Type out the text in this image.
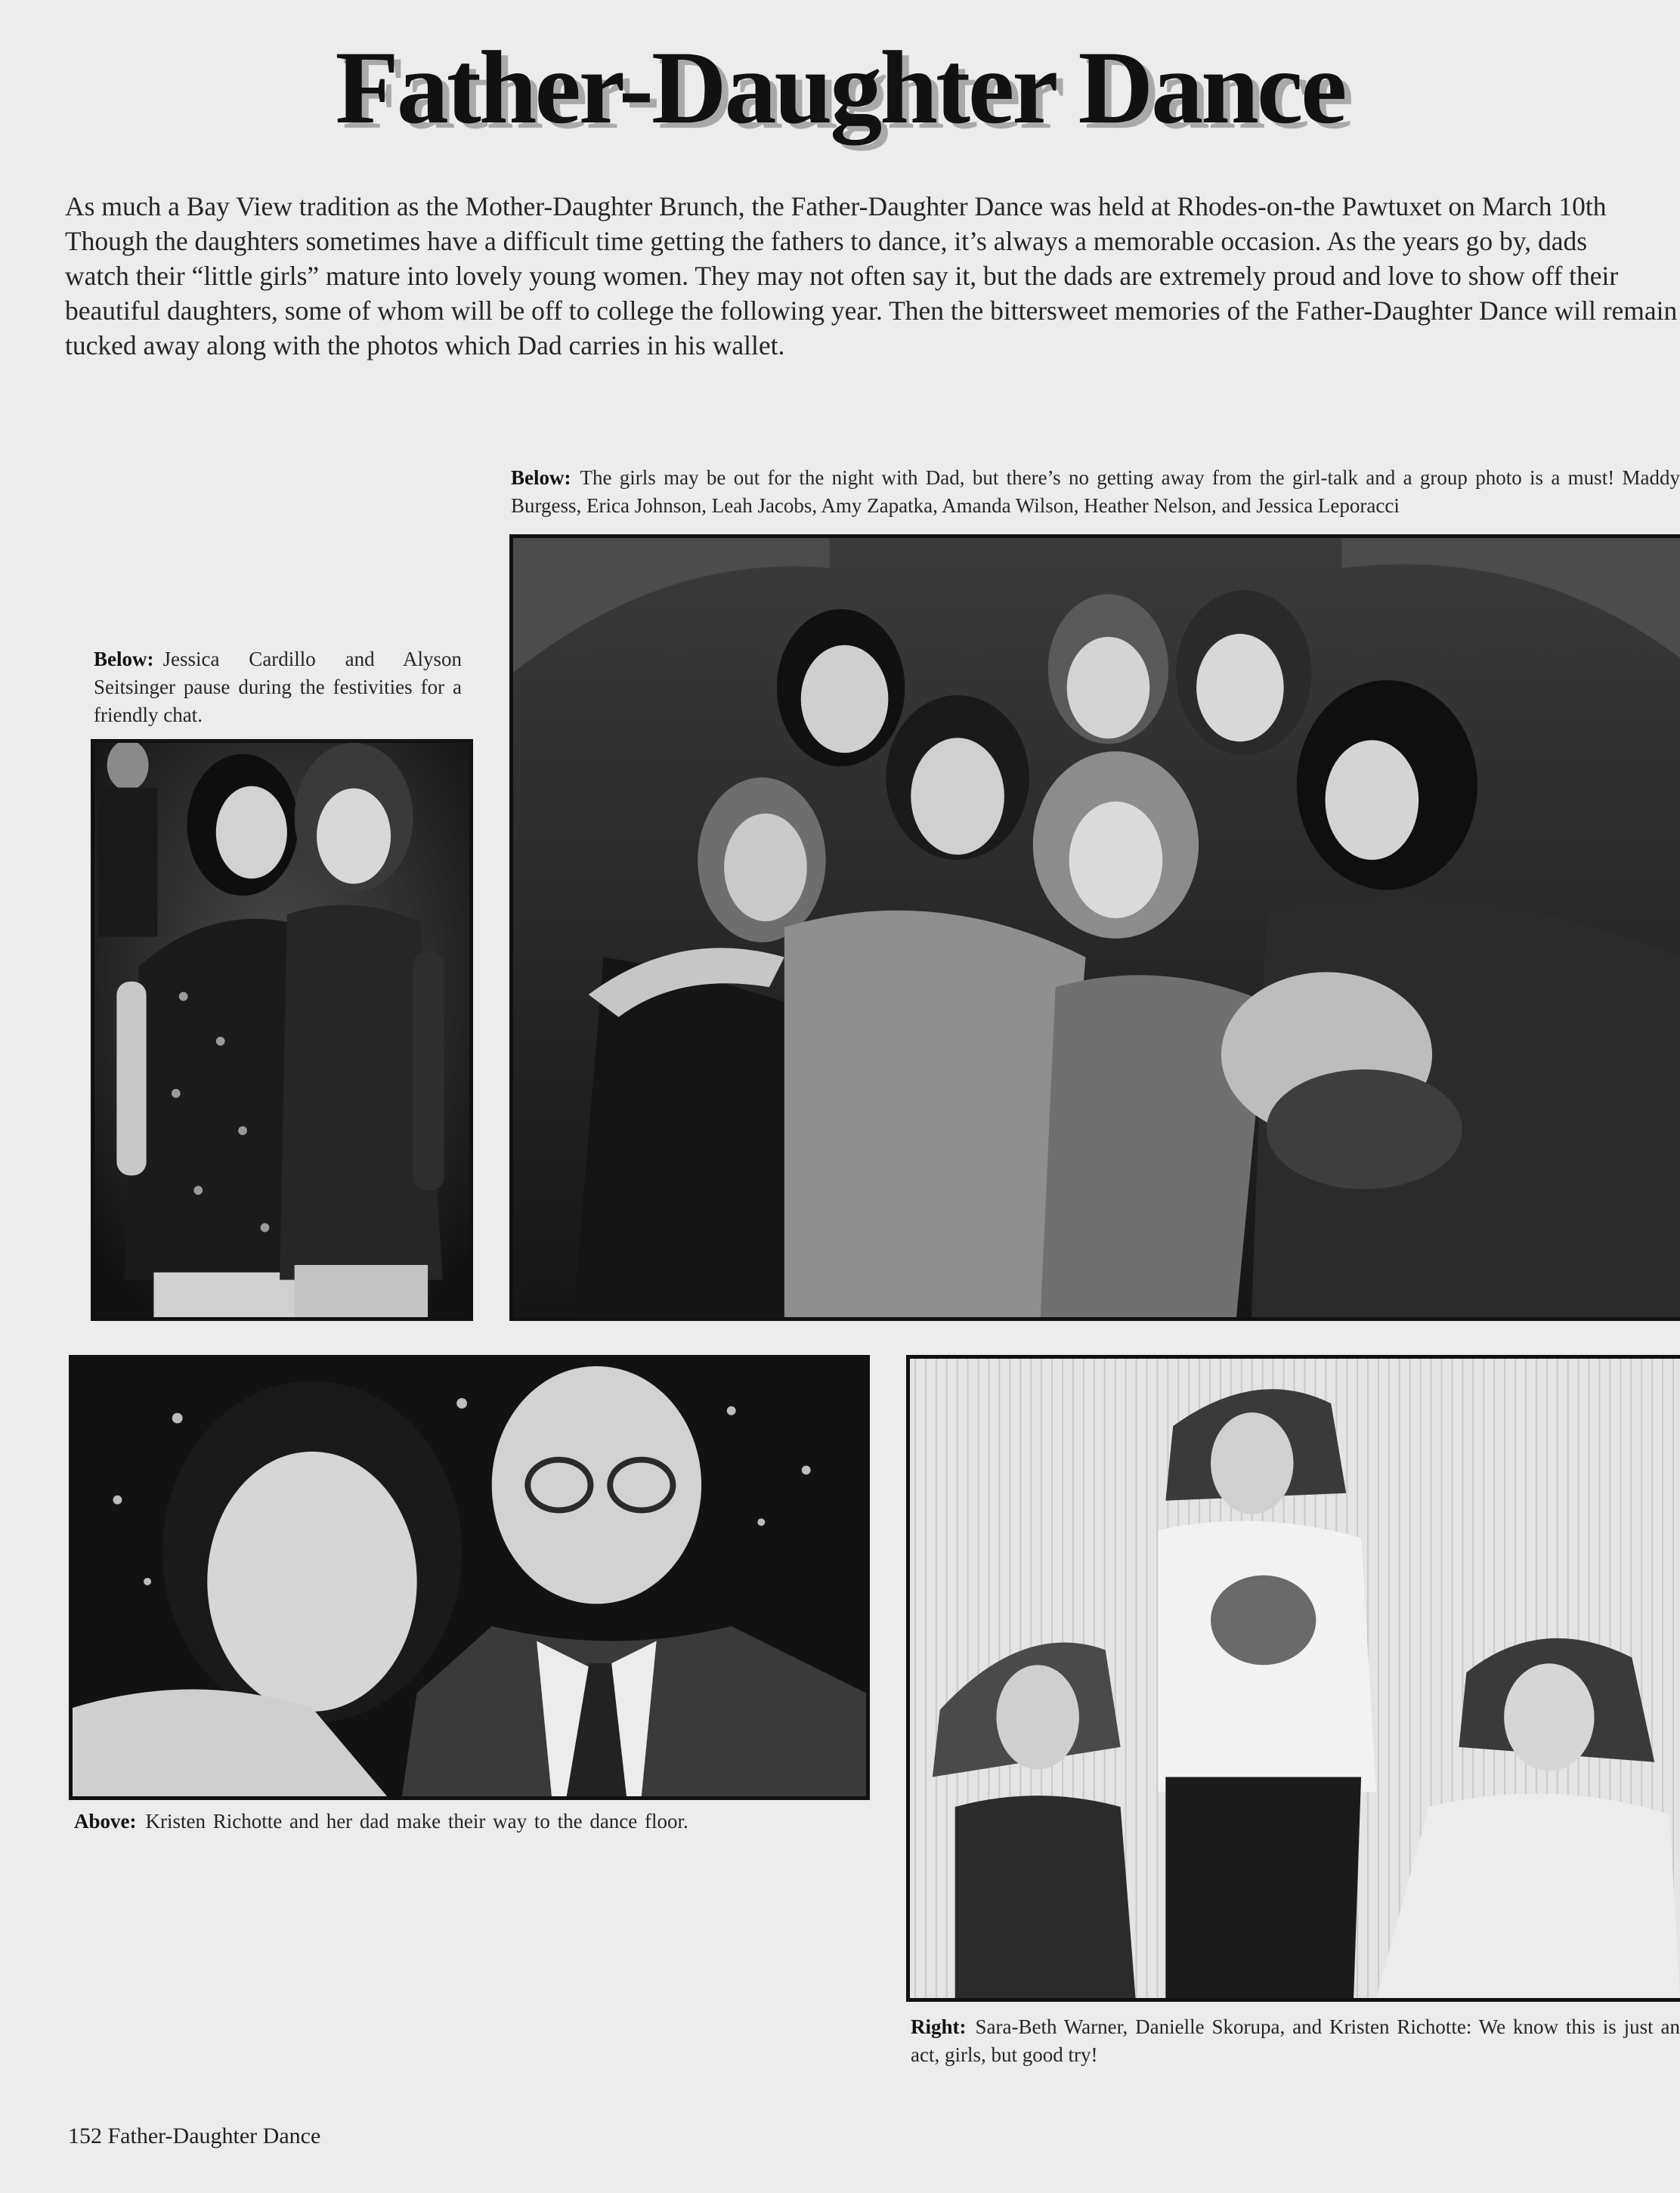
Father-Daughter Dance
As much a Bay View tradition as the Mother-Daughter Brunch, the Father-Daughter Dance was held at Rhodes-on-the Pawtuxet on March 10th
Though the daughters sometimes have a difficult time getting the fathers to dance, it’s always a memorable occasion. As the years go by, dads
watch their “little girls” mature into lovely young women. They may not often say it, but the dads are extremely proud and love to show off their
beautiful daughters, some of whom will be off to college the following year. Then the bittersweet memories of the Father-Daughter Dance will remain
tucked away along with the photos which Dad carries in his wallet.

Below: The girls may be out for the night with Dad, but there’s no getting away from the girl-talk and a group photo is a must! Maddy Burgess, Erica Johnson, Leah Jacobs, Amy Zapatka, Amanda Wilson, Heather Nelson, and Jessica Leporacci

Below: Jessica Cardillo and Alyson Seitsinger pause during the festivities for a friendly chat.

Above: Kristen Richotte and her dad make their way to the dance floor.

Right: Sara-Beth Warner, Danielle Skorupa, and Kristen Richotte: We know this is just an act, girls, but good try!

152 Father-Daughter Dance
